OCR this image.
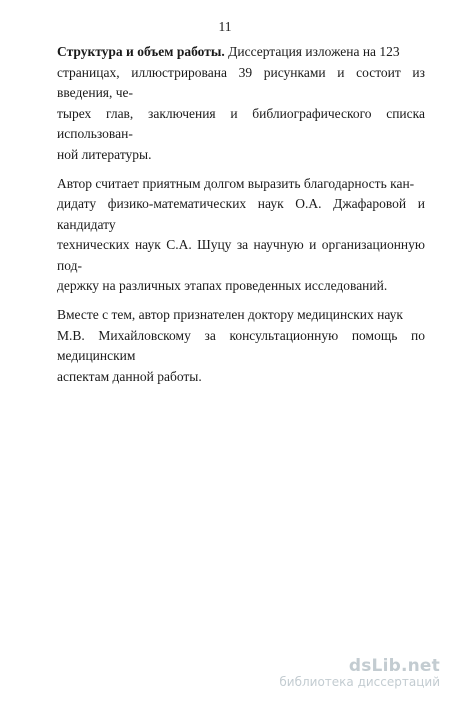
11

Структура и объем работы. Диссертация изложена на 123
страницах, иллюстрирована 39 рисунками и состоит из введения, че-
тырех глав, заключения и библиографического списка использован-
ной литературы.

Автор считает приятным долгом выразить благодарность кан-
дидату физико-математических наук О.А. Джафаровой и кандидату
технических наук С.А. Шуцу за научную и организационную под-
держку на различных этапах проведенных исследований.

Вместе с тем, автор признателен доктору медицинских наук
М.В. Михайловскому за консультационную помощь по медицинским
аспектам данной работы.

dsLib.net
библиотека диссертаций
